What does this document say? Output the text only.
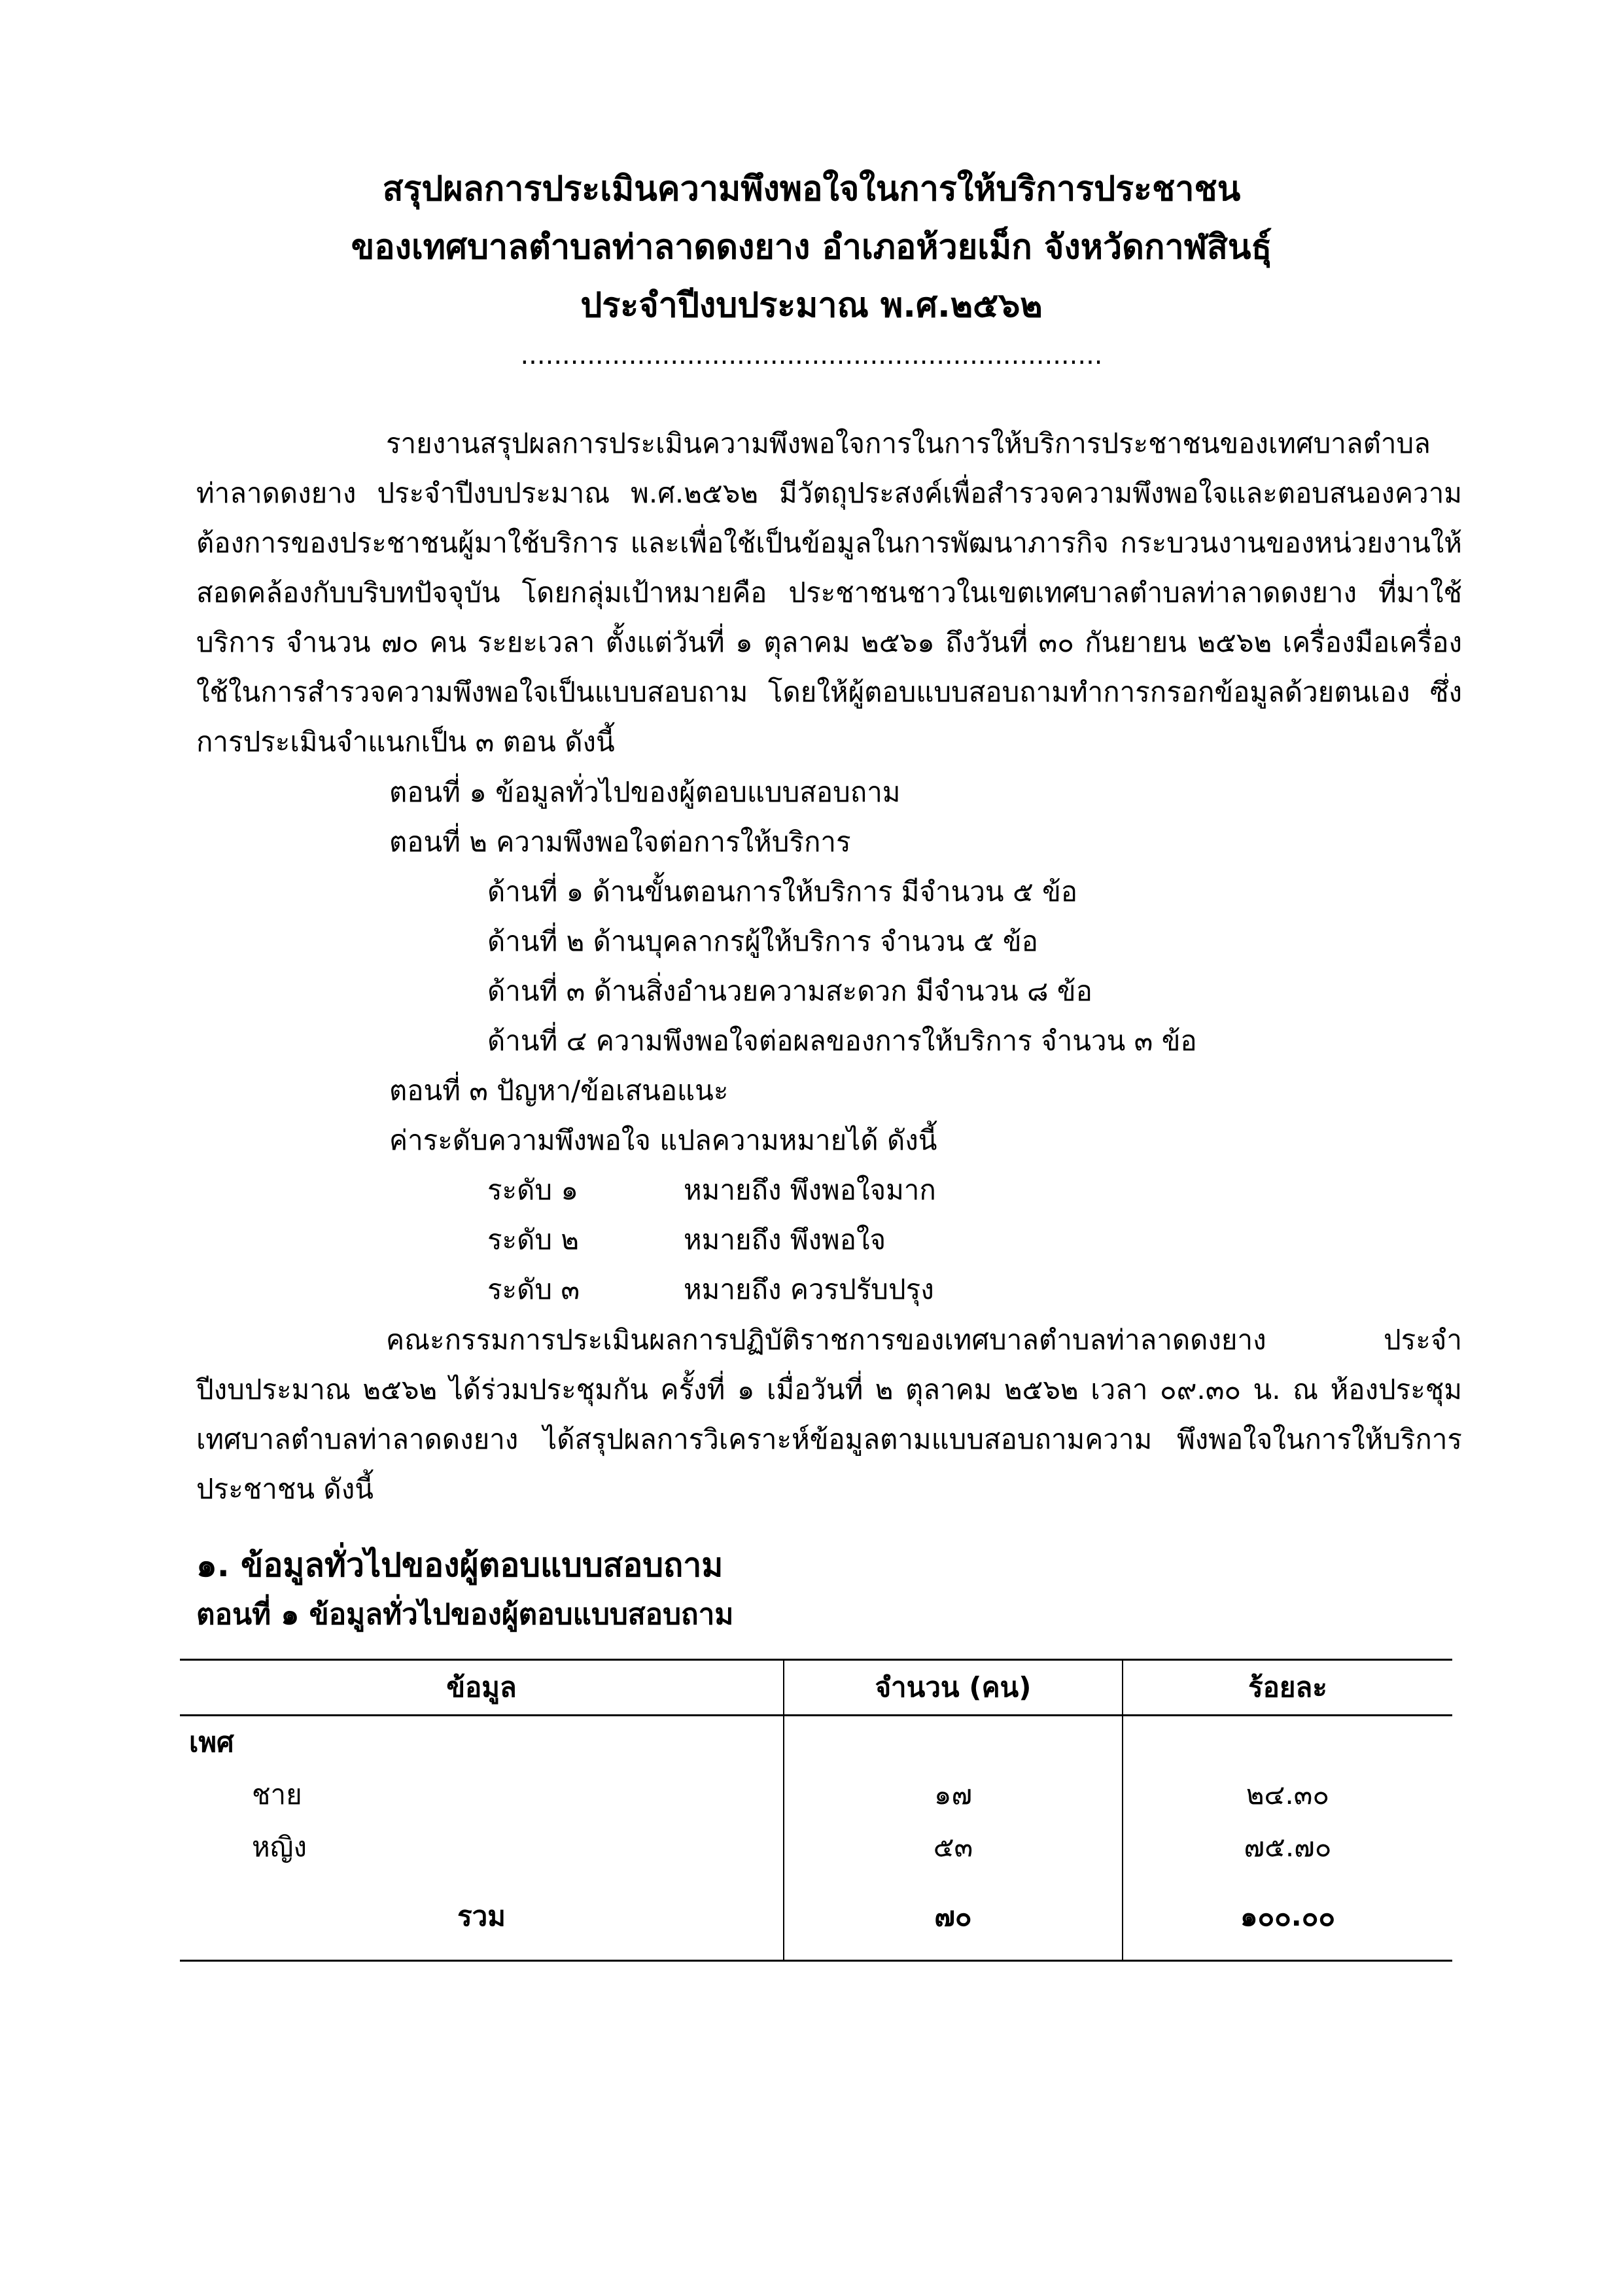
สรุปผลการประเมินความพึงพอใจในการให้บริการประชาชน
ของเทศบาลตำบลท่าลาดดงยาง อำเภอห้วยเม็ก จังหวัดกาฬสินธุ์
ประจำปีงบประมาณ พ.ศ.๒๕๖๒
......................................................................

รายงานสรุปผลการประเมินความพึงพอใจการในการให้บริการประชาชนของเทศบาลตำบลท่าลาดดงยาง ประจำปีงบประมาณ พ.ศ.๒๕๖๒ มีวัตถุประสงค์เพื่อสำรวจความพึงพอใจและตอบสนองความต้องการของประชาชนผู้มาใช้บริการ และเพื่อใช้เป็นข้อมูลในการพัฒนาภารกิจ กระบวนงานของหน่วยงานให้สอดคล้องกับบริบทปัจจุบัน โดยกลุ่มเป้าหมายคือ ประชาชนชาวในเขตเทศบาลตำบลท่าลาดดงยาง ที่มาใช้บริการ จำนวน ๗๐ คน ระยะเวลา ตั้งแต่วันที่ ๑ ตุลาคม ๒๕๖๑ ถึงวันที่ ๓๐ กันยายน ๒๕๖๒ เครื่องมือเครื่องใช้ในการสำรวจความพึงพอใจเป็นแบบสอบถาม โดยให้ผู้ตอบแบบสอบถามทำการกรอกข้อมูลด้วยตนเอง ซึ่งการประเมินจำแนกเป็น ๓ ตอน ดังนี้

ตอนที่ ๑ ข้อมูลทั่วไปของผู้ตอบแบบสอบถาม
ตอนที่ ๒ ความพึงพอใจต่อการให้บริการ
ด้านที่ ๑ ด้านขั้นตอนการให้บริการ มีจำนวน ๕ ข้อ
ด้านที่ ๒ ด้านบุคลากรผู้ให้บริการ จำนวน ๕ ข้อ
ด้านที่ ๓ ด้านสิ่งอำนวยความสะดวก มีจำนวน ๘ ข้อ
ด้านที่ ๔ ความพึงพอใจต่อผลของการให้บริการ จำนวน ๓ ข้อ
ตอนที่ ๓ ปัญหา/ข้อเสนอแนะ
ค่าระดับความพึงพอใจ แปลความหมายได้ ดังนี้
ระดับ ๑	หมายถึง พึงพอใจมาก
ระดับ ๒	หมายถึง พึงพอใจ
ระดับ ๓	หมายถึง ควรปรับปรุง

คณะกรรมการประเมินผลการปฏิบัติราชการของเทศบาลตำบลท่าลาดดงยาง ประจำปีงบประมาณ ๒๕๖๒ ได้ร่วมประชุมกัน ครั้งที่ ๑ เมื่อวันที่ ๒ ตุลาคม ๒๕๖๒ เวลา ๐๙.๓๐ น. ณ ห้องประชุมเทศบาลตำบลท่าลาดดงยาง ได้สรุปผลการวิเคราะห์ข้อมูลตามแบบสอบถามความ พึงพอใจในการให้บริการประชาชน ดังนี้

๑. ข้อมูลทั่วไปของผู้ตอบแบบสอบถาม
ตอนที่ ๑ ข้อมูลทั่วไปของผู้ตอบแบบสอบถาม
ข้อมูล	จำนวน (คน)	ร้อยละ
เพศ		
ชาย	๑๗	๒๔.๓๐
หญิง	๕๓	๗๕.๗๐
รวม	๗๐	๑๐๐.๐๐
